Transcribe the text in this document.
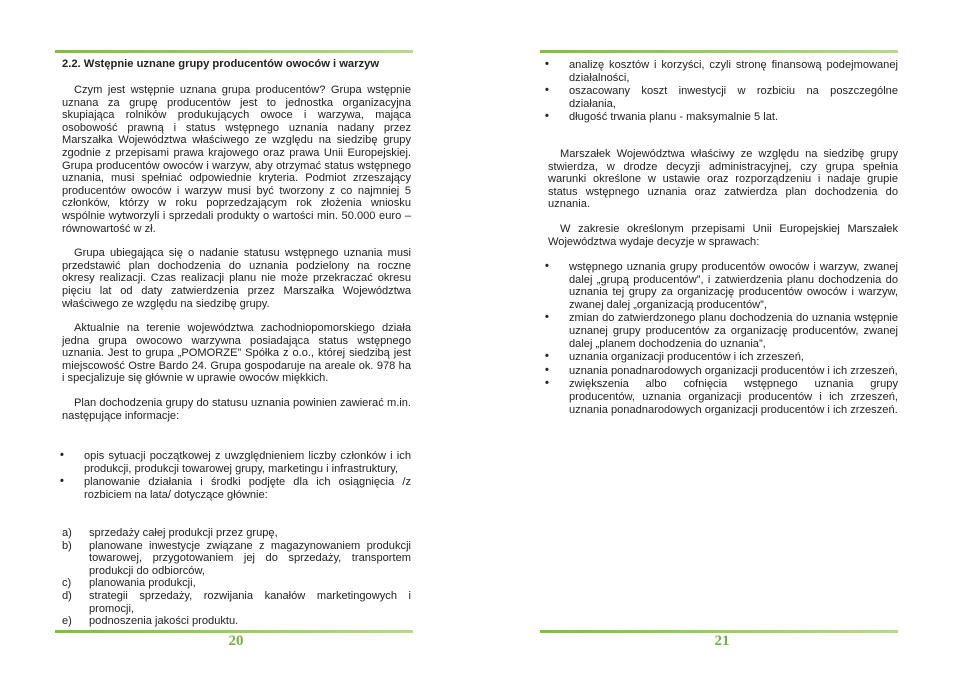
2.2. Wstępnie uznane grupy producentów owoców i warzyw

Czym jest wstępnie uznana grupa producentów? Grupa wstępnie uznana za grupę producentów jest to jednostka organizacyjna skupiająca rolników produkujących owoce i warzywa, mająca osobowość prawną i status wstępnego uznania nadany przez Marszałka Województwa właściwego ze względu na siedzibę grupy zgodnie z przepisami prawa krajowego oraz prawa Unii Europejskiej. Grupa producentów owoców i warzyw, aby otrzymać status wstępnego uznania, musi spełniać odpowiednie kryteria. Podmiot zrzeszający producentów owoców i warzyw musi być tworzony z co najmniej 5 członków, którzy w roku poprzedzającym rok złożenia wniosku wspólnie wytworzyli i sprzedali produkty o wartości min. 50.000 euro – równowartość w zł.

Grupa ubiegająca się o nadanie statusu wstępnego uznania musi przedstawić plan dochodzenia do uznania podzielony na roczne okresy realizacji. Czas realizacji planu nie może przekraczać okresu pięciu lat od daty zatwierdzenia przez Marszałka Województwa właściwego ze względu na siedzibę grupy.

Aktualnie na terenie województwa zachodniopomorskiego działa jedna grupa owocowo warzywna posiadająca status wstępnego uznania. Jest to grupa „POMORZE” Spółka z o.o., której siedzibą jest miejscowość Ostre Bardo 24. Grupa gospodaruje na areale ok. 978 ha i specjalizuje się głównie w uprawie owoców miękkich.

Plan dochodzenia grupy do statusu uznania powinien zawierać m.in. następujące informacje:

• opis sytuacji początkowej z uwzględnieniem liczby członków i ich produkcji, produkcji towarowej grupy, marketingu i infrastruktury,
• planowanie działania i środki podjęte dla ich osiągnięcia /z rozbiciem na lata/ dotyczące głównie:
a) sprzedaży całej produkcji przez grupę,
b) planowane inwestycje związane z magazynowaniem produkcji towarowej, przygotowaniem jej do sprzedaży, transportem produkcji do odbiorców,
c) planowania produkcji,
d) strategii sprzedaży, rozwijania kanałów marketingowych i promocji,
e) podnoszenia jakości produktu.
20
• analizę kosztów i korzyści, czyli stronę finansową podejmowanej działalności,
• oszacowany koszt inwestycji w rozbiciu na poszczególne działania,
• długość trwania planu - maksymalnie 5 lat.

Marszałek Województwa właściwy ze względu na siedzibę grupy stwierdza, w drodze decyzji administracyjnej, czy grupa spełnia warunki określone w ustawie oraz rozporządzeniu i nadaje grupie status wstępnego uznania oraz zatwierdza plan dochodzenia do uznania.

W zakresie określonym przepisami Unii Europejskiej Marszałek Województwa wydaje decyzje w sprawach:

• wstępnego uznania grupy producentów owoców i warzyw, zwanej dalej „grupą producentów”, i zatwierdzenia planu dochodzenia do uznania tej grupy za organizację producentów owoców i warzyw, zwanej dalej „organizacją producentów”,
• zmian do zatwierdzonego planu dochodzenia do uznania wstępnie uznanej grupy producentów za organizację producentów, zwanej dalej „planem dochodzenia do uznania”,
• uznania organizacji producentów i ich zrzeszeń,
• uznania ponadnarodowych organizacji producentów i ich zrzeszeń,
• zwiększenia albo cofnięcia wstępnego uznania grupy producentów, uznania organizacji producentów i ich zrzeszeń, uznania ponadnarodowych organizacji producentów i ich zrzeszeń.
21
